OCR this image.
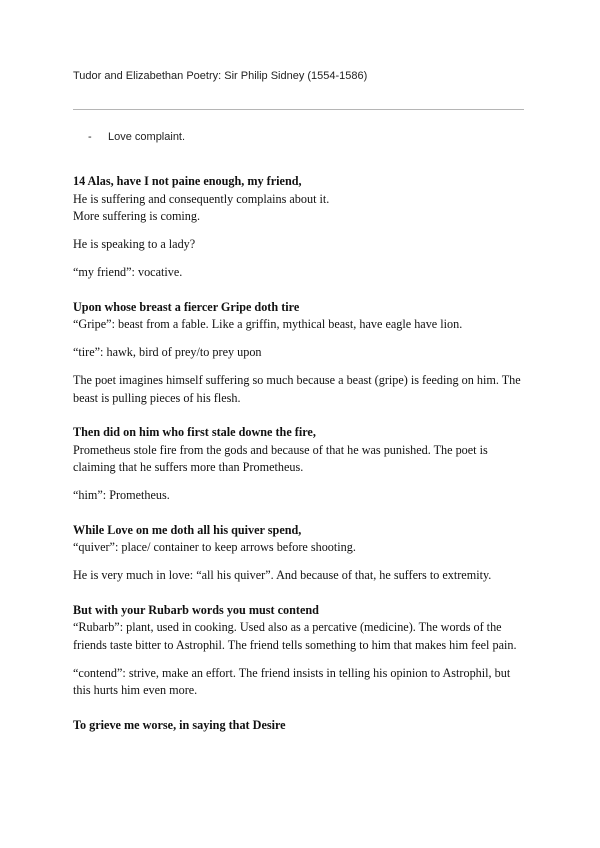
Tudor and Elizabethan Poetry: Sir Philip Sidney (1554-1586)
- Love complaint.

14 Alas, have I not paine enough, my friend,

He is suffering and consequently complains about it.
More suffering is coming.

He is speaking to a lady?

“my friend”: vocative.

Upon whose breast a fiercer Gripe doth tire

“Gripe”: beast from a fable. Like a griffin, mythical beast, have eagle have lion.

“tire”: hawk, bird of prey/to prey upon

The poet imagines himself suffering so much because a beast (gripe) is feeding on him. The beast is pulling pieces of his flesh.

Then did on him who first stale downe the fire,

Prometheus stole fire from the gods and because of that he was punished. The poet is claiming that he suffers more than Prometheus.

“him”: Prometheus.

While Love on me doth all his quiver spend,

“quiver”: place/ container to keep arrows before shooting.

He is very much in love: “all his quiver”. And because of that, he suffers to extremity.

But with your Rubarb words you must contend

“Rubarb”: plant, used in cooking. Used also as a percative (medicine). The words of the friends taste bitter to Astrophil. The friend tells something to him that makes him feel pain.

“contend”: strive, make an effort. The friend insists in telling his opinion to Astrophil, but this hurts him even more.

To grieve me worse, in saying that Desire
